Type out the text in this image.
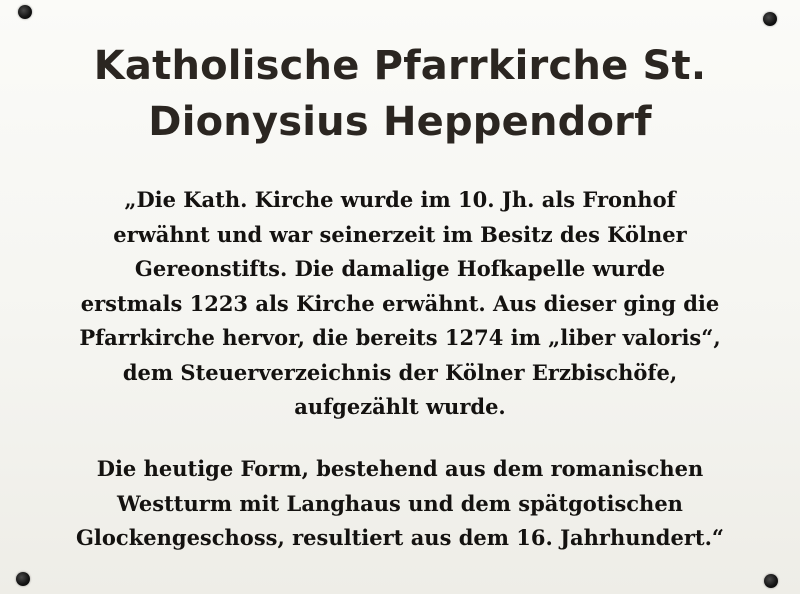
Katholische Pfarrkirche St.
Dionysius Heppendorf
„Die Kath. Kirche wurde im 10. Jh. als Fronhof
erwähnt und war seinerzeit im Besitz des Kölner
Gereonstifts. Die damalige Hofkapelle wurde
erstmals 1223 als Kirche erwähnt. Aus dieser ging die
Pfarrkirche hervor, die bereits 1274 im „liber valoris“,
dem Steuerverzeichnis der Kölner Erzbischöfe,
aufgezählt wurde.
Die heutige Form, bestehend aus dem romanischen
Westturm mit Langhaus und dem spätgotischen
Glockengeschoss, resultiert aus dem 16. Jahrhundert.“
